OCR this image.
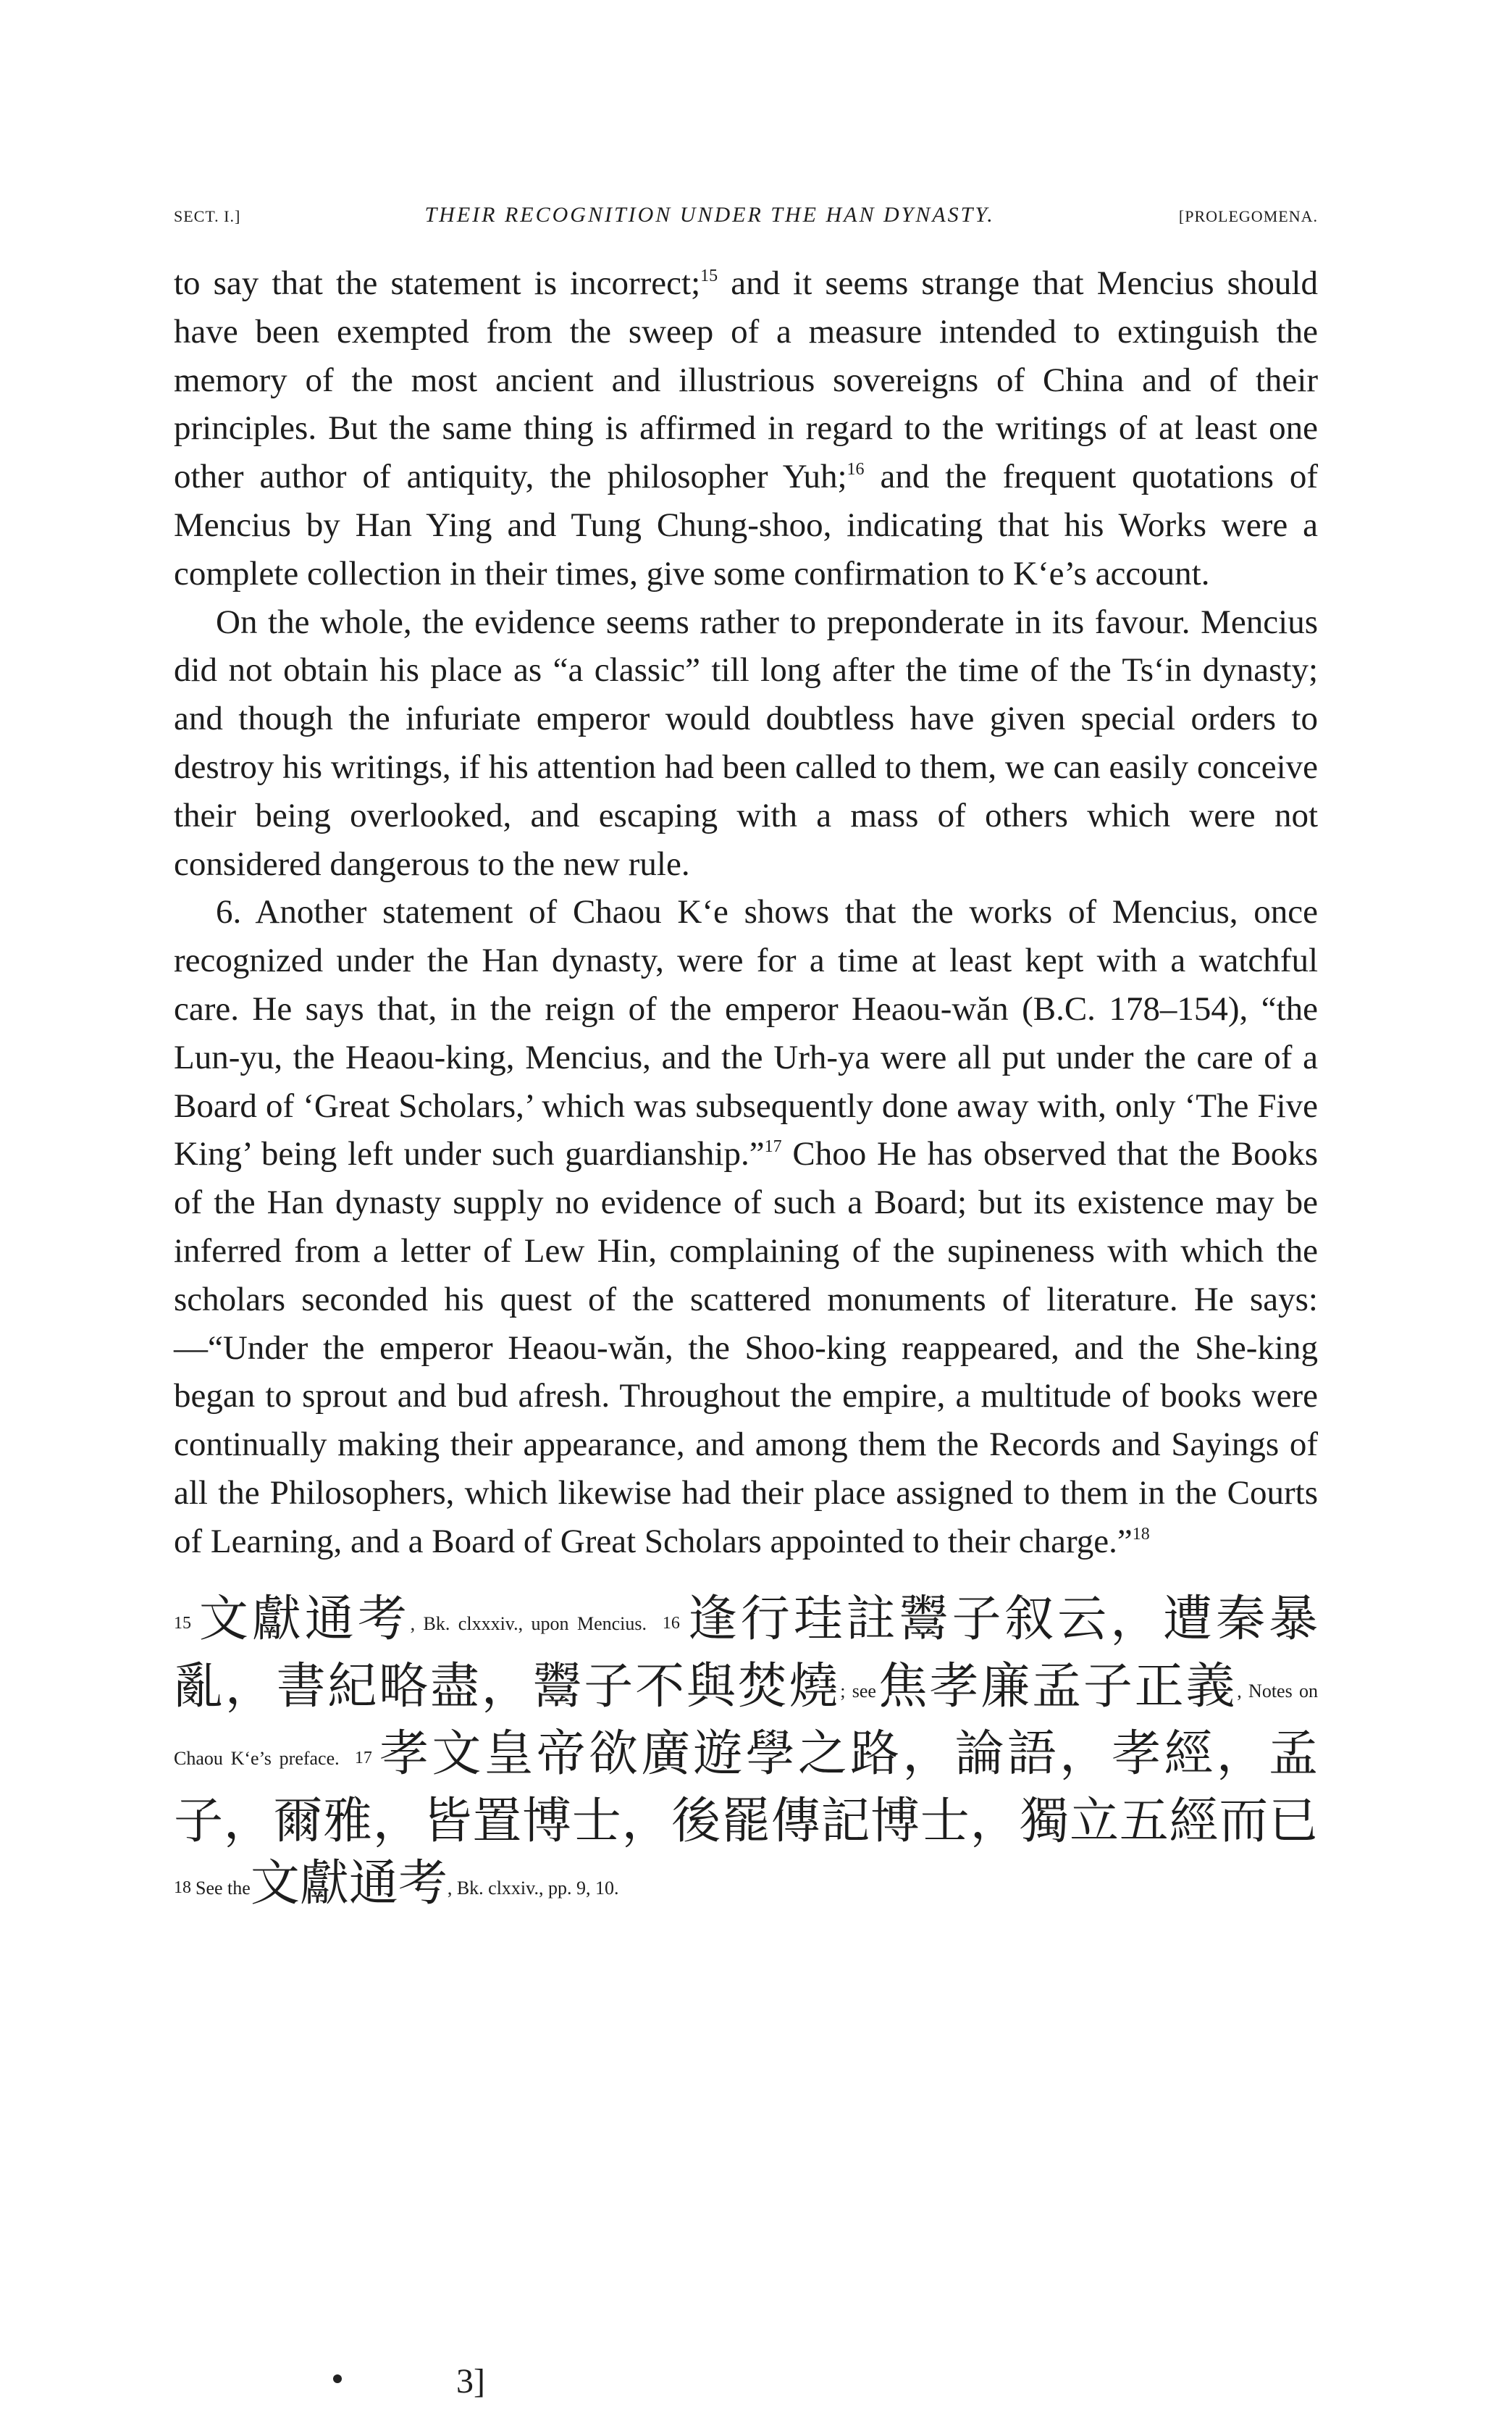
SECT. I.]	THEIR RECOGNITION UNDER THE HAN DYNASTY.	[PROLEGOMENA.

to say that the statement is incorrect;$^{15}$ and it seems strange that Mencius should have been exempted from the sweep of a measure intended to extinguish the memory of the most ancient and illustrious sovereigns of China and of their principles. But the same thing is affirmed in regard to the writings of at least one other author of antiquity, the philosopher Yuh;$^{16}$ and the frequent quotations of Mencius by Han Ying and Tung Chung-shoo, indicating that his Works were a complete collection in their times, give some confirmation to K‘e’s account.

On the whole, the evidence seems rather to preponderate in its favour. Mencius did not obtain his place as “a classic” till long after the time of the Ts‘in dynasty; and though the infuriate emperor would doubtless have given special orders to destroy his writings, if his attention had been called to them, we can easily conceive their being overlooked, and escaping with a mass of others which were not considered dangerous to the new rule.

6. Another statement of Chaou K‘e shows that the works of Mencius, once recognized under the Han dynasty, were for a time at least kept with a watchful care. He says that, in the reign of the emperor Heaou-wăn (B.C. 178–154), “the Lun-yu, the Heaou-king, Mencius, and the Urh-ya were all put under the care of a Board of ‘Great Scholars,’ which was subsequently done away with, only ‘The Five King’ being left under such guardianship.”$^{17}$ Choo He has observed that the Books of the Han dynasty supply no evidence of such a Board; but its existence may be inferred from a letter of Lew Hin, complaining of the supineness with which the scholars seconded his quest of the scattered monuments of literature. He says:—“Under the emperor Heaou-wăn, the Shoo-king reappeared, and the She-king began to sprout and bud afresh. Throughout the empire, a multitude of books were continually making their appearance, and among them the Records and Sayings of all the Philosophers, which likewise had their place assigned to them in the Courts of Learning, and a Board of Great Scholars appointed to their charge.”$^{18}$

15文獻通考, Bk. clxxxiv., upon Mencius. 16逢行珪註鬻子叙云，遭秦暴亂，書紀略盡，鬻子不與焚燒; see焦孝廉孟子正義, Notes on Chaou K‘e’s preface. 17孝文皇帝欲廣遊學之路，論語，孝經，孟子，爾雅，皆置博士，後罷傳記博士，獨立五經而已 18 See the文獻通考, Bk. clxxiv., pp. 9, 10.
3]
